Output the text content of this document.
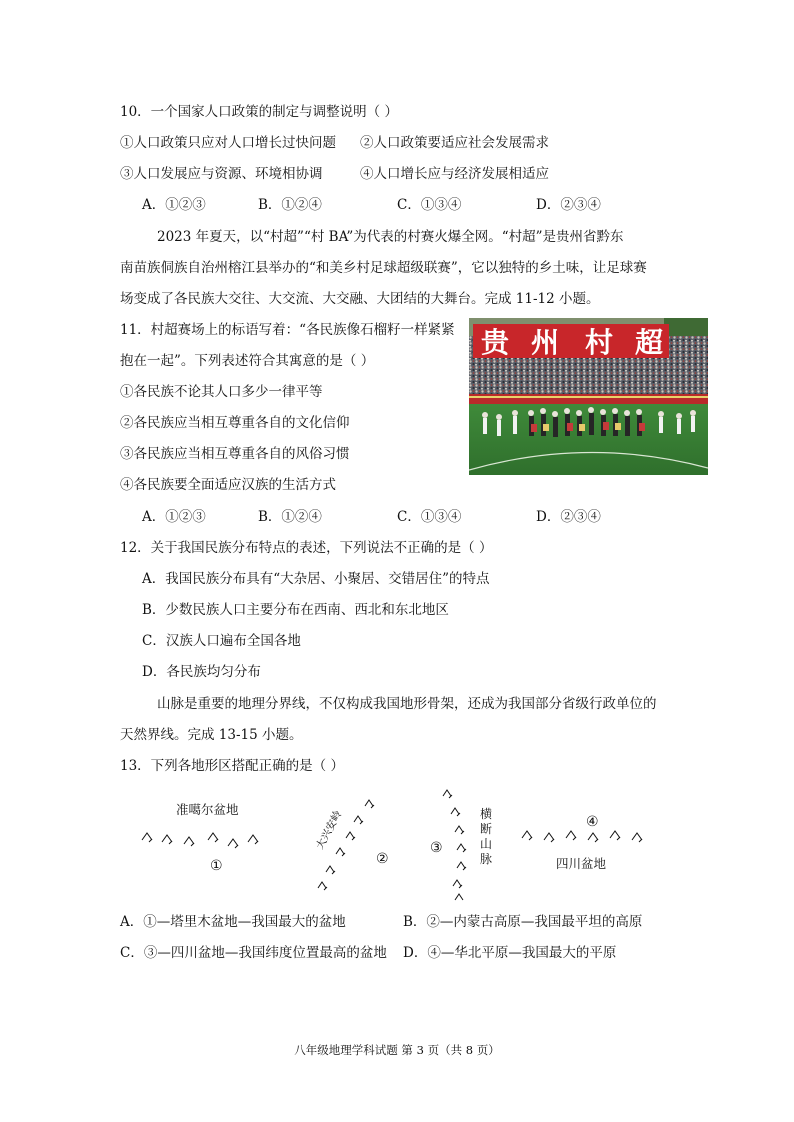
10．一个国家人口政策的制定与调整说明（ ）
①人口政策只应对人口增长过快问题 ②人口政策要适应社会发展需求
③人口发展应与资源、环境相协调	④人口增长应与经济发展相适应
A．①②③	B．①②④	C．①③④	D．②③④
2023 年夏天，以“村超”“村 BA”为代表的村赛火爆全网。“村超”是贵州省黔东
南苗族侗族自治州榕江县举办的“和美乡村足球超级联赛”，它以独特的乡土味，让足球赛
场变成了各民族大交往、大交流、大交融、大团结的大舞台。完成 11-12 小题。
11．村超赛场上的标语写着：“各民族像石榴籽一样紧紧
抱在一起”。下列表述符合其寓意的是（ ）
①各民族不论其人口多少一律平等
②各民族应当相互尊重各自的文化信仰
③各民族应当相互尊重各自的风俗习惯
④各民族要全面适应汉族的生活方式
A．①②③	B．①②④	C．①③④	D．②③④
贵 州 村 超
12．关于我国民族分布特点的表述，下列说法不正确的是（ ）
A．我国民族分布具有“大杂居、小聚居、交错居住”的特点
B．少数民族人口主要分布在西南、西北和东北地区
C．汉族人口遍布全国各地
D．各民族均匀分布
山脉是重要的地理分界线，不仅构成我国地形骨架，还成为我国部分省级行政单位的
天然界线。完成 13-15 小题。
13．下列各地形区搭配正确的是（ ）
准噶尔盆地
①
大兴安岭
②
③
横
断
山
脉
④
四川盆地
A．①—塔里木盆地—我国最大的盆地	B．②—内蒙古高原—我国最平坦的高原
C．③—四川盆地—我国纬度位置最高的盆地 D．④—华北平原—我国最大的平原
八年级地理学科试题 第 3 页（共 8 页）
